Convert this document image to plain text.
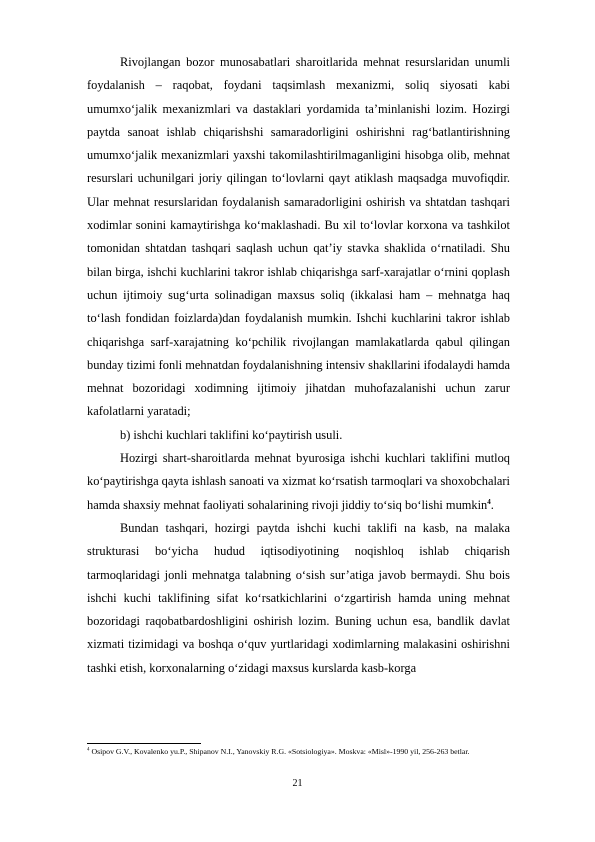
Rivojlangan bozor munosabatlari sharoitlarida mehnat resurslaridan unumli foydalanish – raqobat, foydani taqsimlash mexanizmi, soliq siyosati kabi umumxo‘jalik mexanizmlari va dastaklari yordamida ta’minlanishi lozim. Hozirgi paytda sanoat ishlab chiqarishshi samaradorligini oshirishni rag‘batlantirishning umumxo‘jalik mexanizmlari yaxshi takomilashtirilmaganligini hisobga olib, mehnat resurslari uchunilgari joriy qilingan to‘lovlarni qayt atiklash maqsadga muvofiqdir. Ular mehnat resurslaridan foydalanish samaradorligini oshirish va shtatdan tashqari xodimlar sonini kamaytirishga ko‘maklashadi. Bu xil to‘lovlar korxona va tashkilot tomonidan shtatdan tashqari saqlash uchun qat’iy stavka shaklida o‘rnatiladi. Shu bilan birga, ishchi kuchlarini takror ishlab chiqarishga sarf-xarajatlar o‘rnini qoplash uchun ijtimoiy sug‘urta solinadigan maxsus soliq (ikkalasi ham – mehnatga haq to‘lash fondidan foizlarda)dan foydalanish mumkin. Ishchi kuchlarini takror ishlab chiqarishga sarf-xarajatning ko‘pchilik rivojlangan mamlakatlarda qabul qilingan bunday tizimi fonli mehnatdan foydalanishning intensiv shakllarini ifodalaydi hamda mehnat bozoridagi xodimning ijtimoiy jihatdan muhofazalanishi uchun zarur kafolatlarni yaratadi;

b) ishchi kuchlari taklifini ko‘paytirish usuli.

Hozirgi shart-sharoitlarda mehnat byurosiga ishchi kuchlari taklifini mutloq ko‘paytirishga qayta ishlash sanoati va xizmat ko‘rsatish tarmoqlari va shoxobchalari hamda shaxsiy mehnat faoliyati sohalarining rivoji jiddiy to‘siq bo‘lishi mumkin$^4$.

Bundan tashqari, hozirgi paytda ishchi kuchi taklifi na kasb, na malaka strukturasi bo‘yicha hudud iqtisodiyotining noqishloq ishlab chiqarish tarmoqlaridagi jonli mehnatga talabning o‘sish sur’atiga javob bermaydi. Shu bois ishchi kuchi taklifining sifat ko‘rsatkichlarini o‘zgartirish hamda uning mehnat bozoridagi raqobatbardoshligini oshirish lozim. Buning uchun esa, bandlik davlat xizmati tizimidagi va boshqa o‘quv yurtlaridagi xodimlarning malakasini oshirishni tashki etish, korxonalarning o‘zidagi maxsus kurslarda kasb-korga

$^4$ Osipov G.V., Kovalenko yu.P., Shipanov N.I., Yanovskiy R.G. «Sotsiologiya». Moskva: «Misl»-1990 yil, 256-263 betlar.
21
